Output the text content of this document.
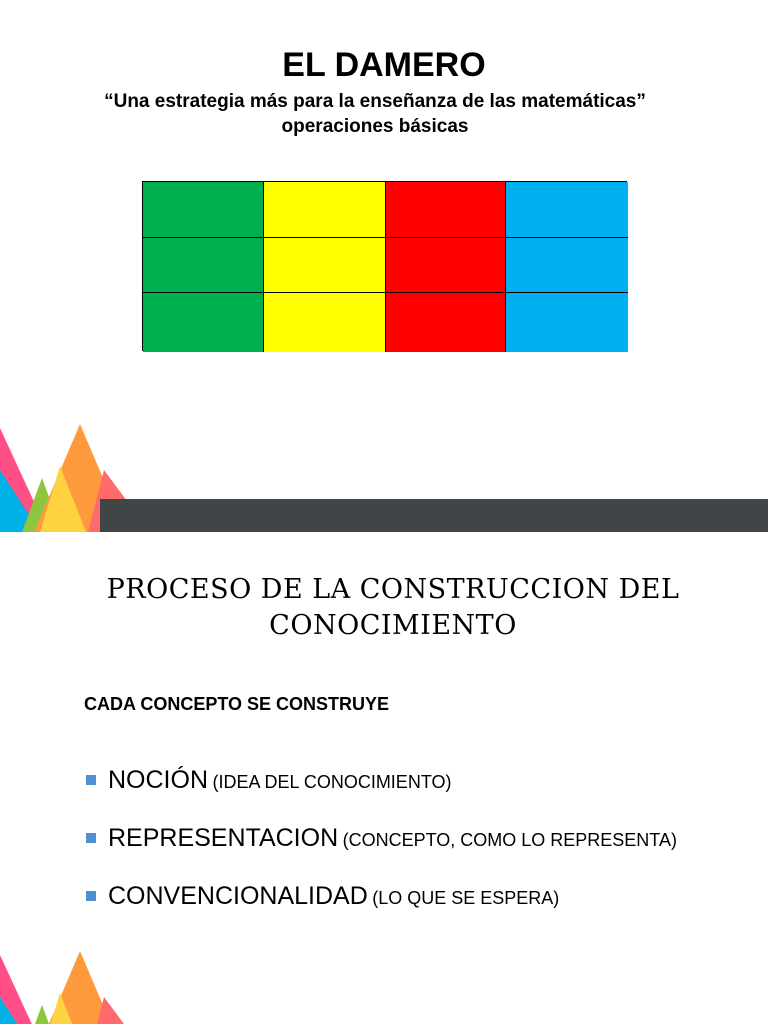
EL DAMERO
“Una estrategia más para la enseñanza de las matemáticas”
operaciones básicas
PROCESO DE LA CONSTRUCCION DEL
CONOCIMIENTO
CADA CONCEPTO SE CONSTRUYE
NOCIÓN (IDEA DEL CONOCIMIENTO)
REPRESENTACION (CONCEPTO, COMO LO REPRESENTA)
CONVENCIONALIDAD (LO QUE SE ESPERA)
